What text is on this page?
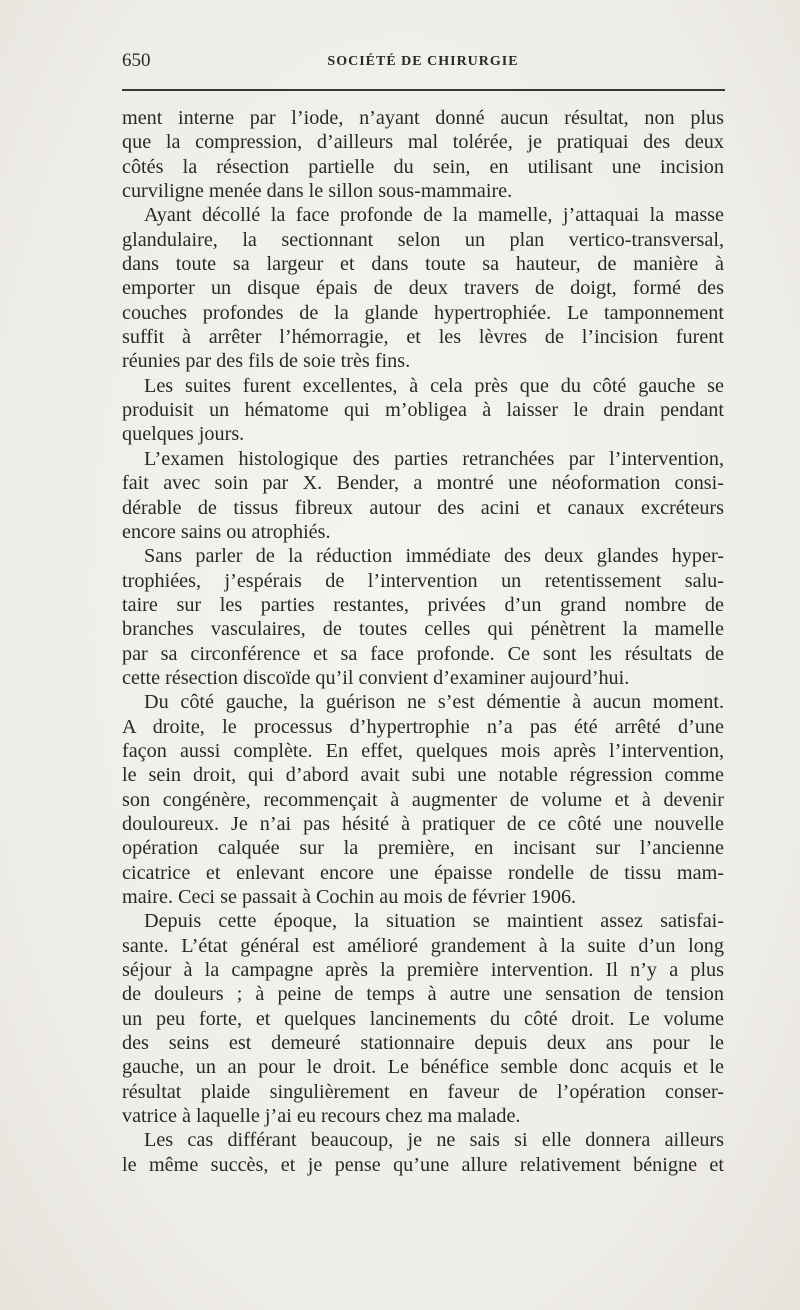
650	SOCIÉTÉ DE CHIRURGIE
ment interne par l’iode, n’ayant donné aucun résultat, non plus
que la compression, d’ailleurs mal tolérée, je pratiquai des deux
côtés la résection partielle du sein, en utilisant une incision
curviligne menée dans le sillon sous-mammaire.
Ayant décollé la face profonde de la mamelle, j’attaquai la masse
glandulaire, la sectionnant selon un plan vertico-transversal,
dans toute sa largeur et dans toute sa hauteur, de manière à
emporter un disque épais de deux travers de doigt, formé des
couches profondes de la glande hypertrophiée. Le tamponnement
suffit à arrêter l’hémorragie, et les lèvres de l’incision furent
réunies par des fils de soie très fins.
Les suites furent excellentes, à cela près que du côté gauche se
produisit un hématome qui m’obligea à laisser le drain pendant
quelques jours.
L’examen histologique des parties retranchées par l’intervention,
fait avec soin par X. Bender, a montré une néoformation consi-
dérable de tissus fibreux autour des acini et canaux excréteurs
encore sains ou atrophiés.
Sans parler de la réduction immédiate des deux glandes hyper-
trophiées, j’espérais de l’intervention un retentissement salu-
taire sur les parties restantes, privées d’un grand nombre de
branches vasculaires, de toutes celles qui pénètrent la mamelle
par sa circonférence et sa face profonde. Ce sont les résultats de
cette résection discoïde qu’il convient d’examiner aujourd’hui.
Du côté gauche, la guérison ne s’est démentie à aucun moment.
A droite, le processus d’hypertrophie n’a pas été arrêté d’une
façon aussi complète. En effet, quelques mois après l’intervention,
le sein droit, qui d’abord avait subi une notable régression comme
son congénère, recommençait à augmenter de volume et à devenir
douloureux. Je n’ai pas hésité à pratiquer de ce côté une nouvelle
opération calquée sur la première, en incisant sur l’ancienne
cicatrice et enlevant encore une épaisse rondelle de tissu mam-
maire. Ceci se passait à Cochin au mois de février 1906.
Depuis cette époque, la situation se maintient assez satisfai-
sante. L’état général est amélioré grandement à la suite d’un long
séjour à la campagne après la première intervention. Il n’y a plus
de douleurs ; à peine de temps à autre une sensation de tension
un peu forte, et quelques lancinements du côté droit. Le volume
des seins est demeuré stationnaire depuis deux ans pour le
gauche, un an pour le droit. Le bénéfice semble donc acquis et le
résultat plaide singulièrement en faveur de l’opération conser-
vatrice à laquelle j’ai eu recours chez ma malade.
Les cas différant beaucoup, je ne sais si elle donnera ailleurs
le même succès, et je pense qu’une allure relativement bénigne et
